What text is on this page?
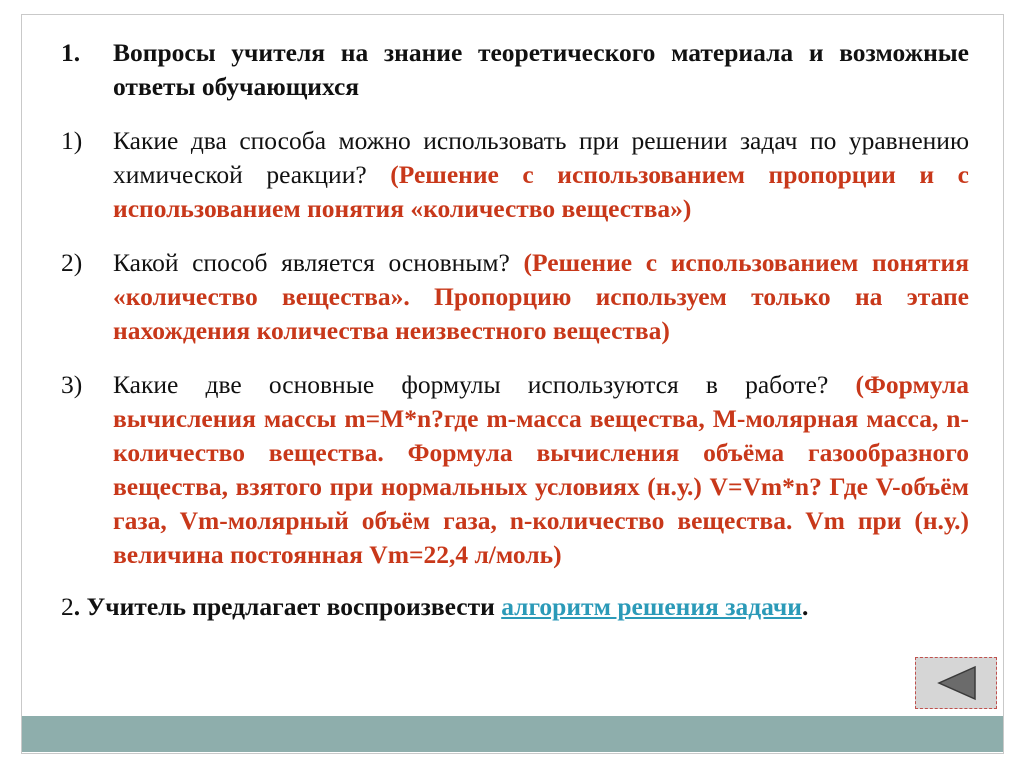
1.	Вопросы учителя на знание теоретического материала и возможные ответы обучающихся
1)	Какие два способа можно использовать при решении задач по уравнению химической реакции? (Решение с использованием пропорции и с использованием понятия «количество вещества»)
2)	Какой способ является основным? (Решение с использованием понятия «количество вещества». Пропорцию используем только на этапе нахождения количества неизвестного вещества)
3)	Какие две основные формулы используются в работе? (Формула вычисления массы m=M*n?где m-масса вещества, M-молярная масса, n-количество вещества. Формула вычисления объёма газообразного вещества, взятого при нормальных условиях (н.у.) V=Vm*n? Где V-объём газа, Vm-молярный объём газа, n-количество вещества. Vm при (н.у.) величина постоянная Vm=22,4 л/моль)
2. Учитель предлагает воспроизвести алгоритм решения задачи.
